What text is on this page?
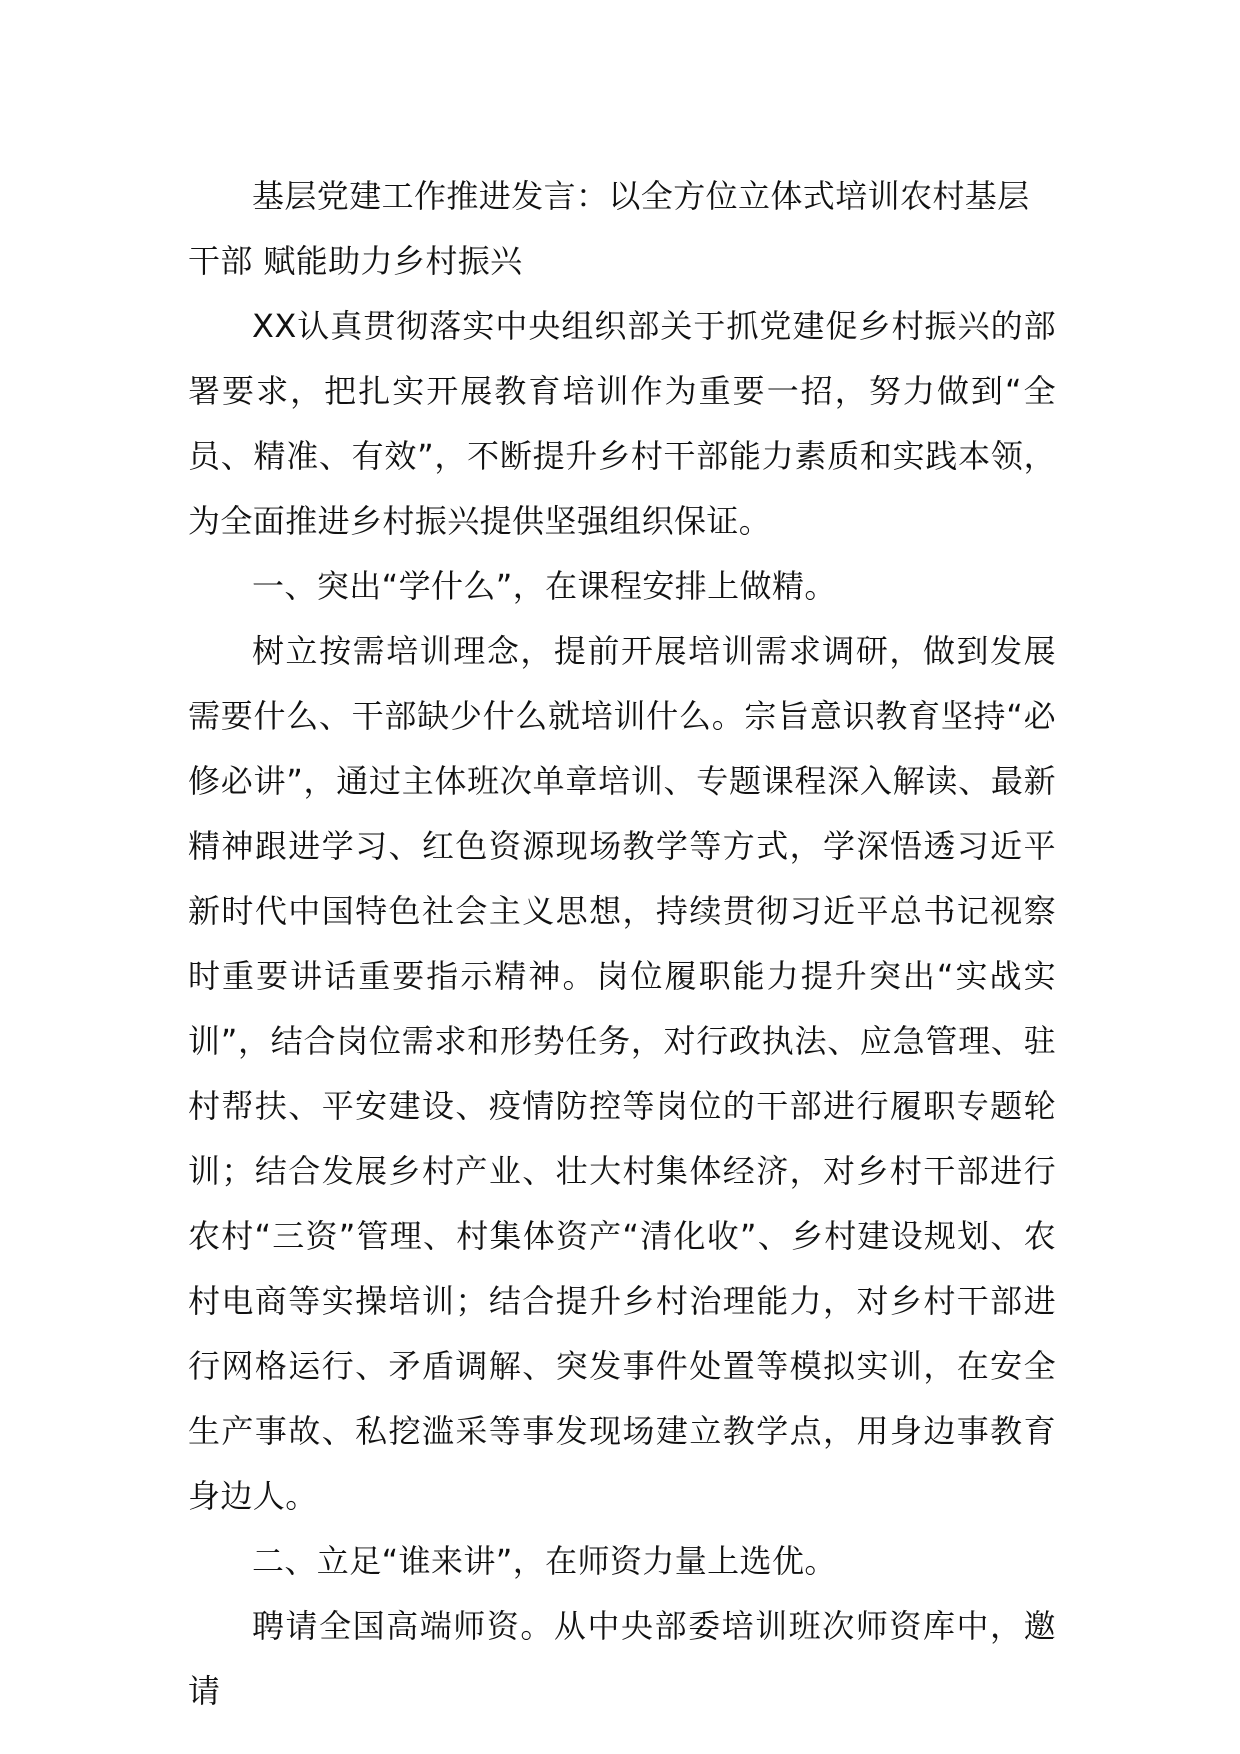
基层党建工作推进发言：以全方位立体式培训农村基层干部 赋能助力乡村振兴

XX认真贯彻落实中央组织部关于抓党建促乡村振兴的部署要求，把扎实开展教育培训作为重要一招，努力做到“全员、精准、有效”，不断提升乡村干部能力素质和实践本领，为全面推进乡村振兴提供坚强组织保证。

一、突出“学什么”，在课程安排上做精。

树立按需培训理念，提前开展培训需求调研，做到发展需要什么、干部缺少什么就培训什么。宗旨意识教育坚持“必修必讲”，通过主体班次单章培训、专题课程深入解读、最新精神跟进学习、红色资源现场教学等方式，学深悟透习近平新时代中国特色社会主义思想，持续贯彻习近平总书记视察时重要讲话重要指示精神。岗位履职能力提升突出“实战实训”，结合岗位需求和形势任务，对行政执法、应急管理、驻村帮扶、平安建设、疫情防控等岗位的干部进行履职专题轮训；结合发展乡村产业、壮大村集体经济，对乡村干部进行农村“三资”管理、村集体资产“清化收”、乡村建设规划、农村电商等实操培训；结合提升乡村治理能力，对乡村干部进行网格运行、矛盾调解、突发事件处置等模拟实训，在安全生产事故、私挖滥采等事发现场建立教学点，用身边事教育身边人。

二、立足“谁来讲”，在师资力量上选优。

聘请全国高端师资。从中央部委培训班次师资库中，邀请
